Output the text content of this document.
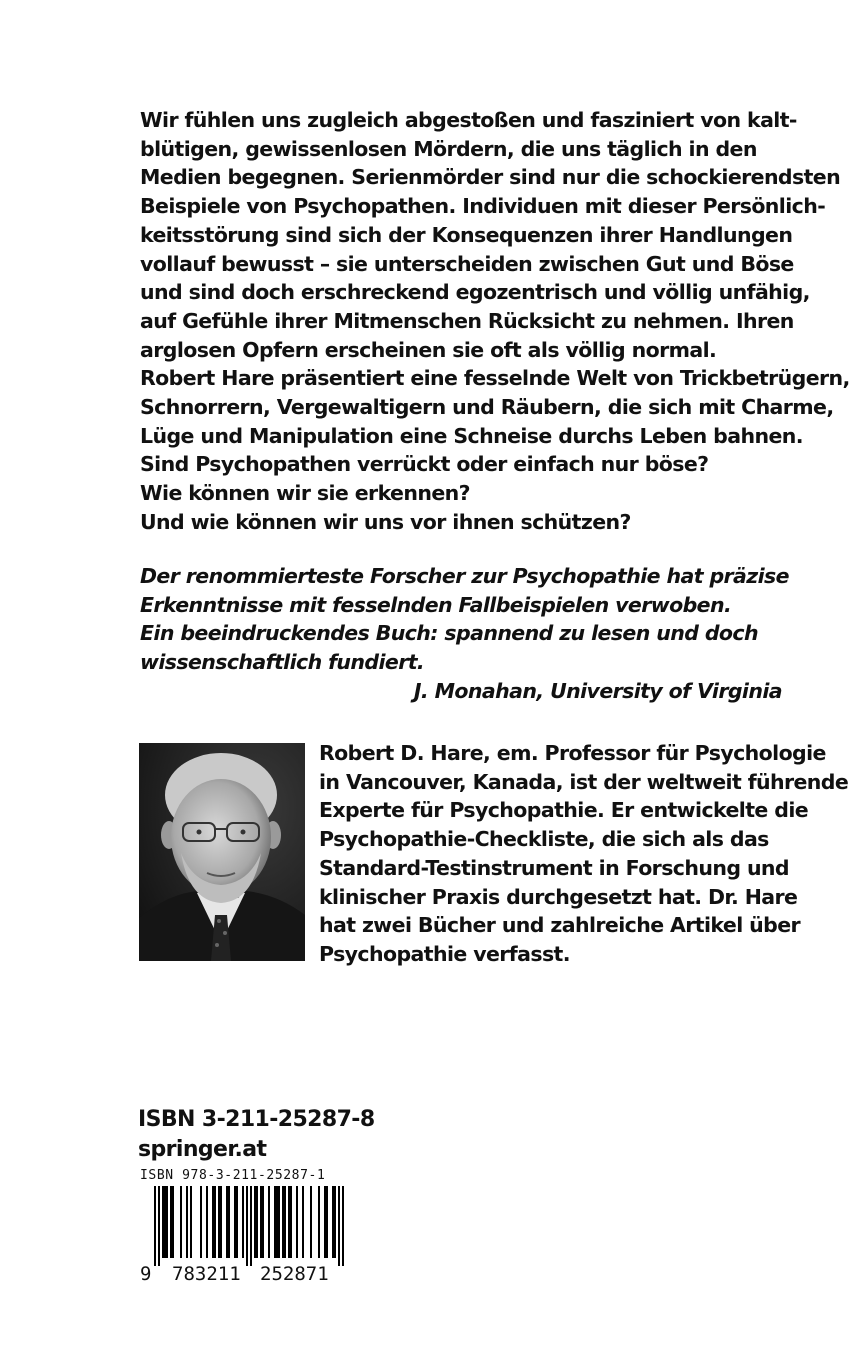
Wir fühlen uns zugleich abgestoßen und fasziniert von kalt-
blütigen, gewissenlosen Mördern, die uns täglich in den
Medien begegnen. Serienmörder sind nur die schockierendsten
Beispiele von Psychopathen. Individuen mit dieser Persönlich-
keitsstörung sind sich der Konsequenzen ihrer Handlungen
vollauf bewusst – sie unterscheiden zwischen Gut und Böse
und sind doch erschreckend egozentrisch und völlig unfähig,
auf Gefühle ihrer Mitmenschen Rücksicht zu nehmen. Ihren
arglosen Opfern erscheinen sie oft als völlig normal.
Robert Hare präsentiert eine fesselnde Welt von Trickbetrügern,
Schnorrern, Vergewaltigern und Räubern, die sich mit Charme,
Lüge und Manipulation eine Schneise durchs Leben bahnen.
Sind Psychopathen verrückt oder einfach nur böse?
Wie können wir sie erkennen?
Und wie können wir uns vor ihnen schützen?
Der renommierteste Forscher zur Psychopathie hat präzise
Erkenntnisse mit fesselnden Fallbeispielen verwoben.
Ein beeindruckendes Buch: spannend zu lesen und doch
wissenschaftlich fundiert.
J. Monahan, University of Virginia
Robert D. Hare, em. Professor für Psychologie
in Vancouver, Kanada, ist der weltweit führende
Experte für Psychopathie. Er entwickelte die
Psychopathie-Checkliste, die sich als das
Standard-Testinstrument in Forschung und
klinischer Praxis durchgesetzt hat. Dr. Hare
hat zwei Bücher und zahlreiche Artikel über
Psychopathie verfasst.
ISBN 3-211-25287-8
springer.at
ISBN 978-3-211-25287-1
9 783211 252871
